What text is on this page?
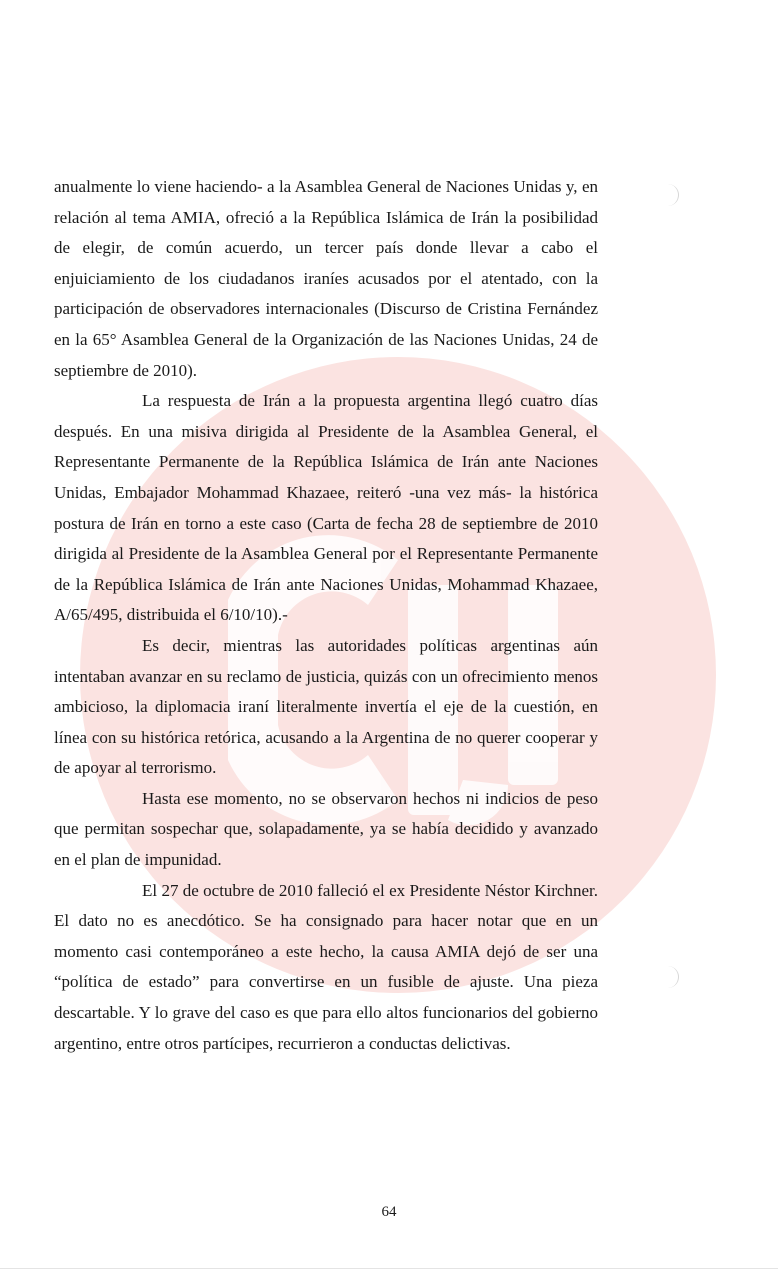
anualmente lo viene haciendo- a la Asamblea General de Naciones Unidas y, en relación al tema AMIA, ofreció a la República Islámica de Irán la posibilidad de elegir, de común acuerdo, un tercer país donde llevar a cabo el enjuiciamiento de los ciudadanos iraníes acusados por el atentado, con la participación de observadores internacionales (Discurso de Cristina Fernández en la 65° Asamblea General de la Organización de las Naciones Unidas, 24 de septiembre de 2010).

La respuesta de Irán a la propuesta argentina llegó cuatro días después. En una misiva dirigida al Presidente de la Asamblea General, el Representante Permanente de la República Islámica de Irán ante Naciones Unidas, Embajador Mohammad Khazaee, reiteró -una vez más- la histórica postura de Irán en torno a este caso (Carta de fecha 28 de septiembre de 2010 dirigida al Presidente de la Asamblea General por el Representante Permanente de la República Islámica de Irán ante Naciones Unidas, Mohammad Khazaee, A/65/495, distribuida el 6/10/10).-

Es decir, mientras las autoridades políticas argentinas aún intentaban avanzar en su reclamo de justicia, quizás con un ofrecimiento menos ambicioso, la diplomacia iraní literalmente invertía el eje de la cuestión, en línea con su histórica retórica, acusando a la Argentina de no querer cooperar y de apoyar al terrorismo.

Hasta ese momento, no se observaron hechos ni indicios de peso que permitan sospechar que, solapadamente, ya se había decidido y avanzado en el plan de impunidad.

El 27 de octubre de 2010 falleció el ex Presidente Néstor Kirchner. El dato no es anecdótico. Se ha consignado para hacer notar que en un momento casi contemporáneo a este hecho, la causa AMIA dejó de ser una “política de estado” para convertirse en un fusible de ajuste. Una pieza descartable. Y lo grave del caso es que para ello altos funcionarios del gobierno argentino, entre otros partícipes, recurrieron a conductas delictivas.

64
